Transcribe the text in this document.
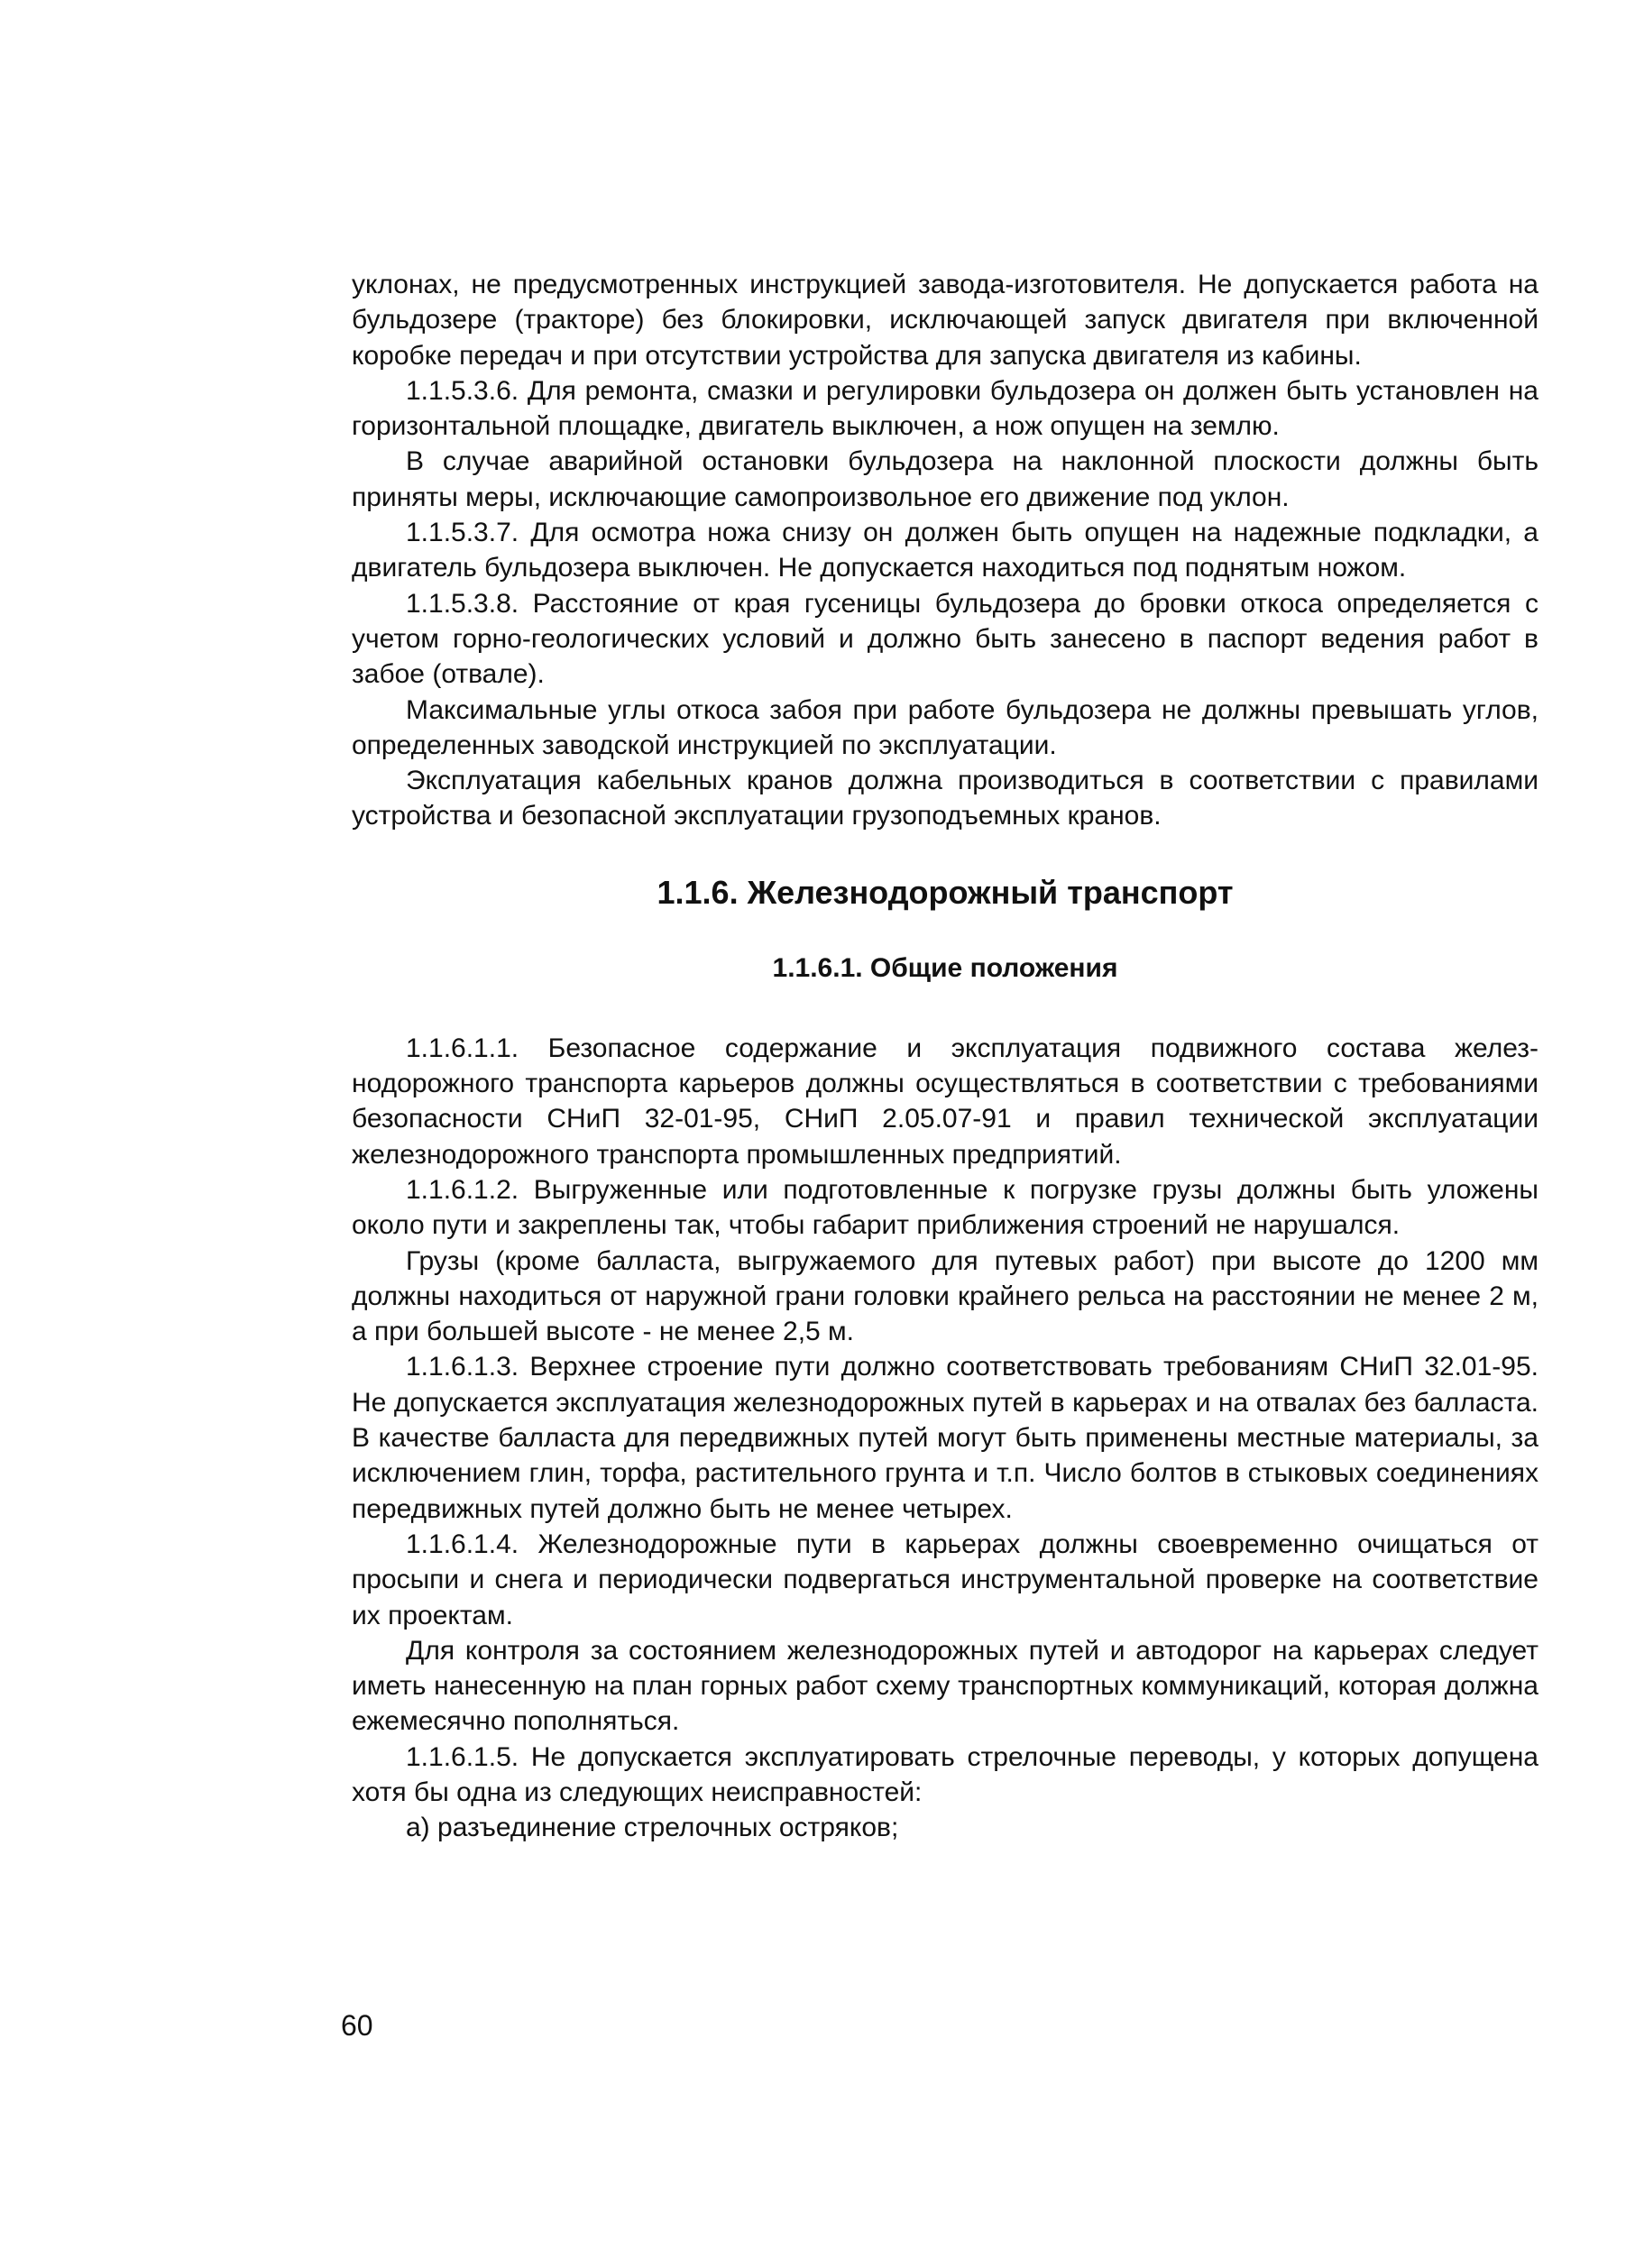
уклонах, не предусмотренных инструкцией завода-изготовителя. Не допускается работа на бульдозере (тракторе) без блокировки, исключающей запуск двигателя при включенной коробке передач и при отсутствии устройства для запуска двигателя из кабины.

1.1.5.3.6. Для ремонта, смазки и регулировки бульдозера он должен быть установлен на горизонтальной площадке, двигатель выключен, а нож опущен на землю.

В случае аварийной остановки бульдозера на наклонной плоскости должны быть приняты меры, исключающие самопроизвольное его движение под уклон.

1.1.5.3.7. Для осмотра ножа снизу он должен быть опущен на надежные подкладки, а двигатель бульдозера выключен. Не допускается находиться под поднятым ножом.

1.1.5.3.8. Расстояние от края гусеницы бульдозера до бровки откоса определяется с учетом горно-геологических условий и должно быть занесено в паспорт ведения работ в забое (отвале).

Максимальные углы откоса забоя при работе бульдозера не должны превышать углов, определенных заводской инструкцией по эксплуатации.

Эксплуатация кабельных кранов должна производиться в соответствии с правилами устройства и безопасной эксплуатации грузоподъемных кранов.

1.1.6. Железнодорожный транспорт
1.1.6.1. Общие положения

1.1.6.1.1. Безопасное содержание и эксплуатация подвижного состава железнодорожного транспорта карьеров должны осуществляться в соответствии с требованиями безопасности СНиП 32-01-95, СНиП 2.05.07-91 и правил технической эксплуатации железнодорожного транспорта промышленных предприятий.

1.1.6.1.2. Выгруженные или подготовленные к погрузке грузы должны быть уложены около пути и закреплены так, чтобы габарит приближения строений не нарушался.

Грузы (кроме балласта, выгружаемого для путевых работ) при высоте до 1200 мм должны находиться от наружной грани головки крайнего рельса на расстоянии не менее 2 м, а при большей высоте - не менее 2,5 м.

1.1.6.1.3. Верхнее строение пути должно соответствовать требованиям СНиП 32.01-95. Не допускается эксплуатация железнодорожных путей в карьерах и на отвалах без балласта. В качестве балласта для передвижных путей могут быть применены местные материалы, за исключением глин, торфа, растительного грунта и т.п. Число болтов в стыковых соединениях передвижных путей должно быть не менее четырех.

1.1.6.1.4. Железнодорожные пути в карьерах должны своевременно очищаться от просыпи и снега и периодически подвергаться инструментальной проверке на соответствие их проектам.

Для контроля за состоянием железнодорожных путей и автодорог на карьерах следует иметь нанесенную на план горных работ схему транспортных коммуникаций, которая должна ежемесячно пополняться.

1.1.6.1.5. Не допускается эксплуатировать стрелочные переводы, у которых допущена хотя бы одна из следующих неисправностей:

а) разъединение стрелочных остряков;

60
